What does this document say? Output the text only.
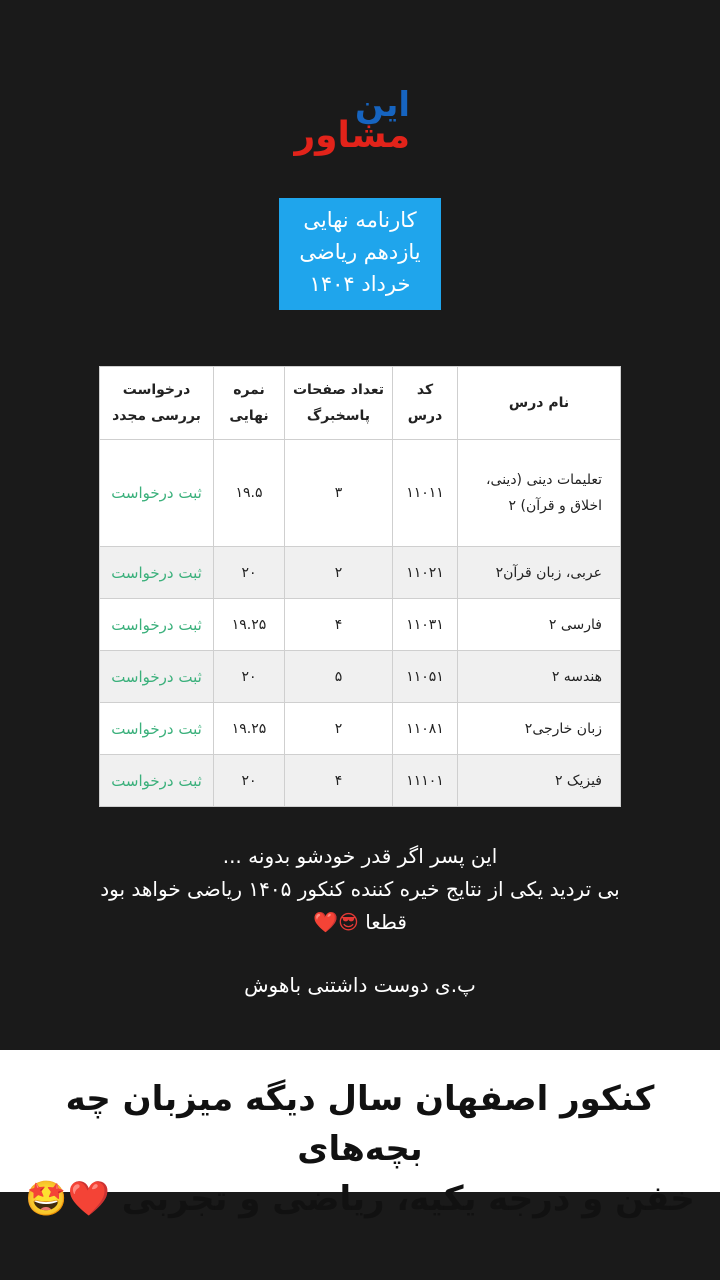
این
مشاور
کارنامه نهایی
یازدهم ریاضی
خرداد ۱۴۰۴
نام درس	کد درس	تعداد صفحات پاسخبرگ	نمره نهایی	درخواست بررسی مجدد
تعلیمات دینی (دینی، اخلاق و قرآن) ۲	۱۱۰۱۱	۳	۱۹.۵	ثبت درخواست
عربی، زبان قرآن۲	۱۱۰۲۱	۲	۲۰	ثبت درخواست
فارسی ۲	۱۱۰۳۱	۴	۱۹.۲۵	ثبت درخواست
هندسه ۲	۱۱۰۵۱	۵	۲۰	ثبت درخواست
زبان خارجی۲	۱۱۰۸۱	۲	۱۹.۲۵	ثبت درخواست
فیزیک ۲	۱۱۱۰۱	۴	۲۰	ثبت درخواست
این پسر اگر قدر خودشو بدونه ...
بی تردید یکی از نتایج خیره کننده کنکور ۱۴۰۵ ریاضی خواهد بود
قطعا 😎❤️
پ.ی دوست داشتنی باهوش
کنکور اصفهان سال دیگه میزبان چه بچه‌های
خفن و درجه یکیه، ریاضی و تجربی ❤️🤩
